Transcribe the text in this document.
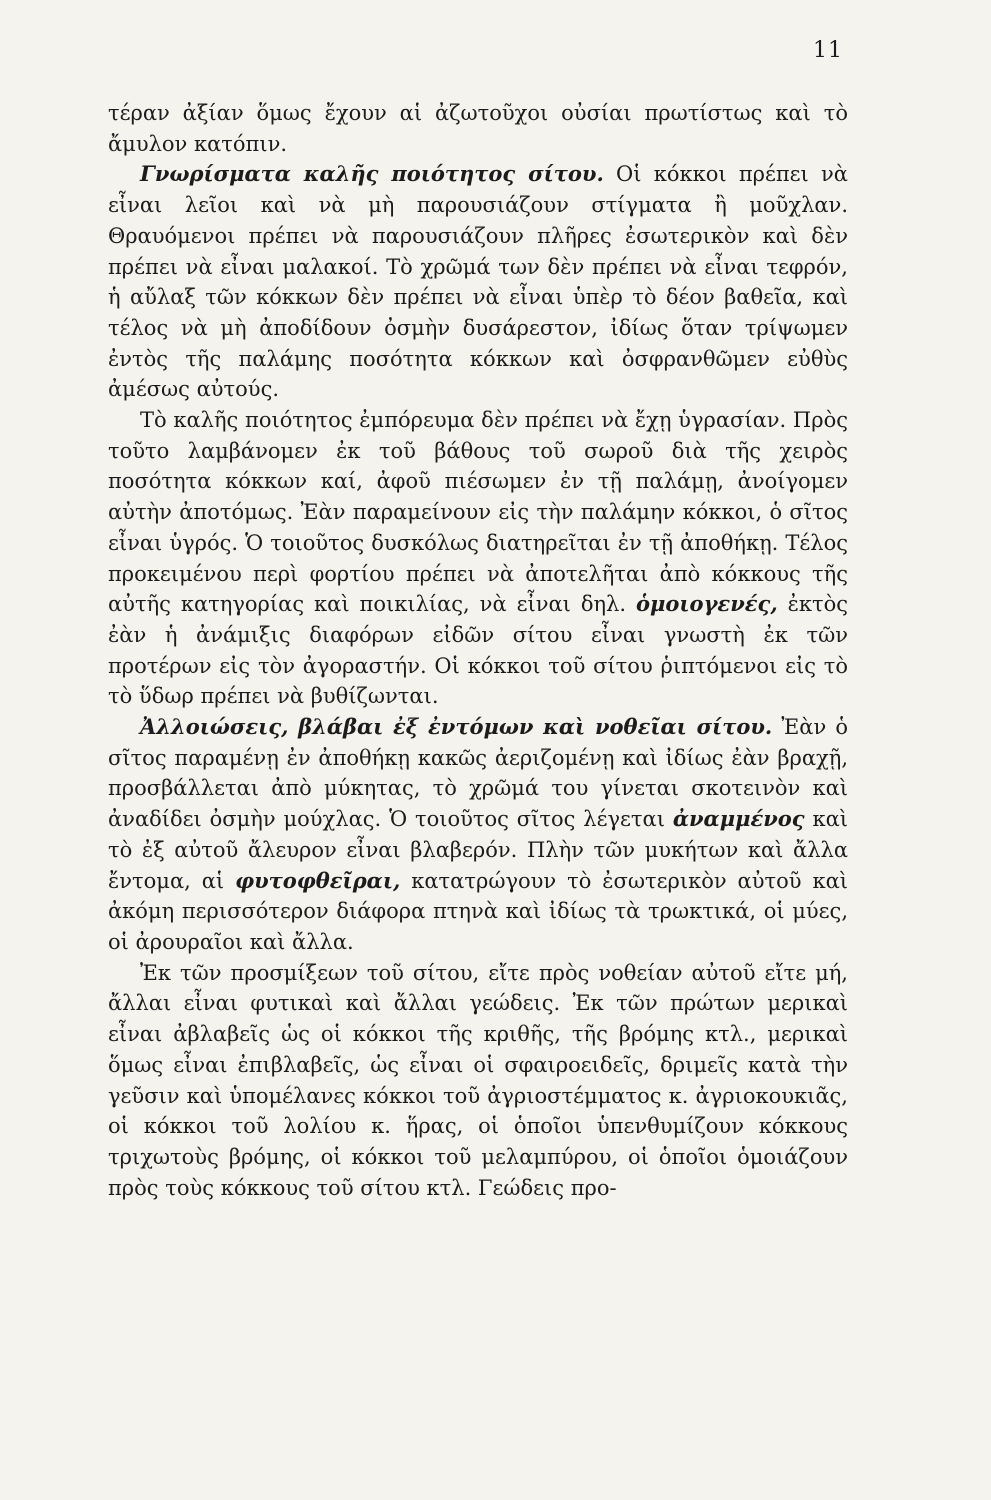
11

τέραν ἀξίαν ὅμως ἔχουν αἱ ἀζωτοῦχοι οὐσίαι πρωτίστως καὶ τὸ ἄμυλον κατόπιν.

Γνωρίσματα καλῆς ποιότητος σίτου. Οἱ κόκκοι πρέπει νὰ εἶναι λεῖοι καὶ νὰ μὴ παρουσιάζουν στίγματα ἢ μοῦχλαν. Θραυόμενοι πρέπει νὰ παρουσιάζουν πλῆρες ἐσωτερικὸν καὶ δὲν πρέπει νὰ εἶναι μαλακοί. Τὸ χρῶμά των δὲν πρέπει νὰ εἶναι τεφρόν, ἡ αὔλαξ τῶν κόκκων δὲν πρέπει νὰ εἶναι ὑπὲρ τὸ δέον βαθεῖα, καὶ τέλος νὰ μὴ ἀποδίδουν ὀσμὴν δυσάρεστον, ἰδίως ὅταν τρίψωμεν ἐντὸς τῆς παλάμης ποσότητα κόκκων καὶ ὀσφρανθῶμεν εὐθὺς ἀμέσως αὐτούς.

Τὸ καλῆς ποιότητος ἐμπόρευμα δὲν πρέπει νὰ ἔχῃ ὑγρασίαν. Πρὸς τοῦτο λαμβάνομεν ἐκ τοῦ βάθους τοῦ σωροῦ διὰ τῆς χειρὸς ποσότητα κόκκων καί, ἀφοῦ πιέσωμεν ἐν τῇ παλάμῃ, ἀνοίγομεν αὐτὴν ἀποτόμως. Ἐὰν παραμείνουν εἰς τὴν παλάμην κόκκοι, ὁ σῖτος εἶναι ὑγρός. Ὁ τοιοῦτος δυσκόλως διατηρεῖται ἐν τῇ ἀποθήκῃ. Τέλος προκειμένου περὶ φορτίου πρέπει νὰ ἀποτελῆται ἀπὸ κόκκους τῆς αὐτῆς κατηγορίας καὶ ποικιλίας, νὰ εἶναι δηλ. ὁμοιογενές, ἐκτὸς ἐὰν ἡ ἀνάμιξις διαφόρων εἰδῶν σίτου εἶναι γνωστὴ ἐκ τῶν προτέρων εἰς τὸν ἀγοραστήν. Οἱ κόκκοι τοῦ σίτου ῥιπτόμενοι εἰς τὸ τὸ ὕδωρ πρέπει νὰ βυθίζωνται.

Ἀλλοιώσεις, βλάβαι ἐξ ἐντόμων καὶ νοθεῖαι σίτου. Ἐὰν ὁ σῖτος παραμένῃ ἐν ἀποθήκῃ κακῶς ἀεριζομένῃ καὶ ἰδίως ἐὰν βραχῇ, προσβάλλεται ἀπὸ μύκητας, τὸ χρῶμά του γίνεται σκοτεινὸν καὶ ἀναδίδει ὀσμὴν μούχλας. Ὁ τοιοῦτος σῖτος λέγεται ἀναμμένος καὶ τὸ ἐξ αὐτοῦ ἄλευρον εἶναι βλαβερόν. Πλὴν τῶν μυκήτων καὶ ἄλλα ἔντομα, αἱ φυτοφθεῖραι, κατατρώγουν τὸ ἐσωτερικὸν αὐτοῦ καὶ ἀκόμη περισσότερον διάφορα πτηνὰ καὶ ἰδίως τὰ τρωκτικά, οἱ μύες, οἱ ἀρουραῖοι καὶ ἄλλα.

Ἐκ τῶν προσμίξεων τοῦ σίτου, εἴτε πρὸς νοθείαν αὐτοῦ εἴτε μή, ἄλλαι εἶναι φυτικαὶ καὶ ἄλλαι γεώδεις. Ἐκ τῶν πρώτων μερικαὶ εἶναι ἀβλαβεῖς ὡς οἱ κόκκοι τῆς κριθῆς, τῆς βρόμης κτλ., μερικαὶ ὅμως εἶναι ἐπιβλαβεῖς, ὡς εἶναι οἱ σφαιροειδεῖς, δριμεῖς κατὰ τὴν γεῦσιν καὶ ὑπομέλανες κόκκοι τοῦ ἀγριοστέμματος κ. ἀγριοκουκιᾶς, οἱ κόκκοι τοῦ λολίου κ. ἥρας, οἱ ὁποῖοι ὑπενθυμίζουν κόκκους τριχωτοὺς βρόμης, οἱ κόκκοι τοῦ μελαμπύρου, οἱ ὁποῖοι ὁμοιάζουν πρὸς τοὺς κόκκους τοῦ σίτου κτλ. Γεώδεις προ-
